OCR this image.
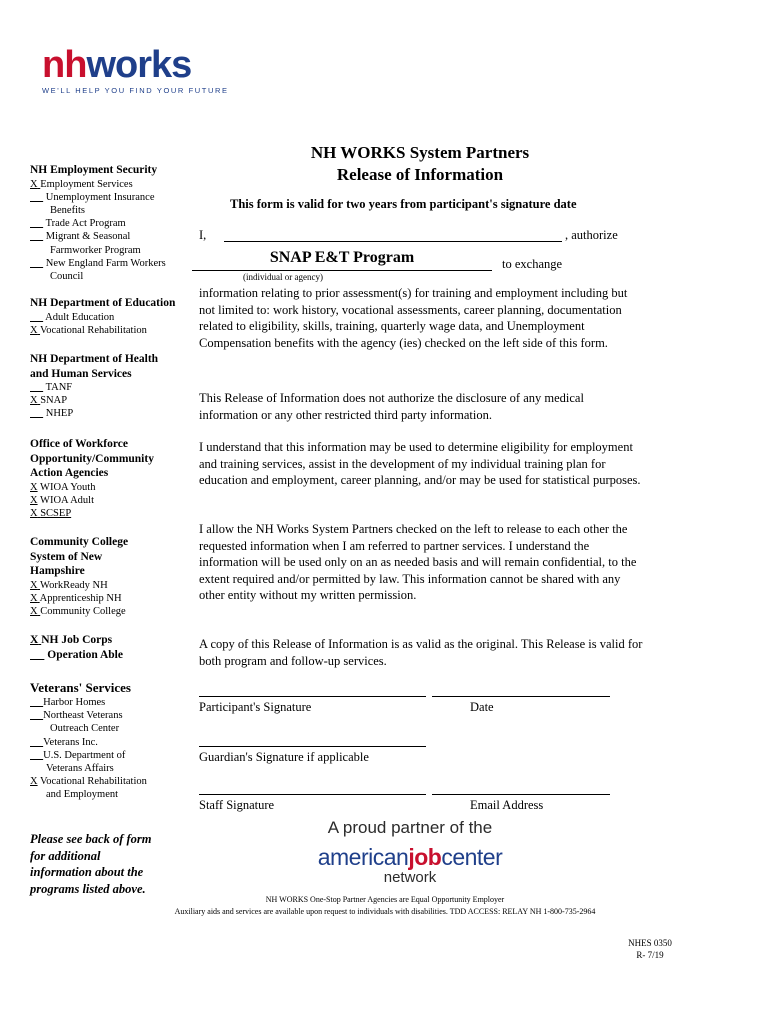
nhworks
WE'LL HELP YOU FIND YOUR FUTURE
NH WORKS System Partners
Release of Information
NH Employment Security
X Employment Services
Unemployment Insurance
Benefits
Trade Act Program
Migrant & Seasonal
Farmworker Program
New England Farm Workers
Council
NH Department of Education
Adult Education
X Vocational Rehabilitation
NH Department of Health
and Human Services
TANF
X SNAP
NHEP
Office of Workforce
Opportunity/Community
Action Agencies
X WIOA Youth
X WIOA Adult
X SCSEP
Community College
System of New
Hampshire
X WorkReady NH
X Apprenticeship NH
X Community College
X NH Job Corps
Operation Able
Veterans' Services
Harbor Homes
Northeast Veterans
Outreach Center
Veterans Inc.
U.S. Department of
Veterans Affairs
X Vocational Rehabilitation
and Employment
Please see back of form
for additional
information about the
programs listed above.
This form is valid for two years from participant's signature date
I,	, authorize
SNAP E&T Program	to exchange
(individual or agency)
information relating to prior assessment(s) for training and employment including but not limited to: work history, vocational assessments, career planning, documentation related to eligibility, skills, training, quarterly wage data, and Unemployment Compensation benefits with the agency (ies) checked on the left side of this form.
This Release of Information does not authorize the disclosure of any medical information or any other restricted third party information.
I understand that this information may be used to determine eligibility for employment and training services, assist in the development of my individual training plan for education and employment, career planning, and/or may be used for statistical purposes.
I allow the NH Works System Partners checked on the left to release to each other the requested information when I am referred to partner services. I understand the information will be used only on an as needed basis and will remain confidential, to the extent required and/or permitted by law. This information cannot be shared with any other entity without my written permission.
A copy of this Release of Information is as valid as the original. This Release is valid for both program and follow-up services.
Participant's Signature	Date
Guardian's Signature if applicable
Staff Signature	Email Address
A proud partner of the
americanjobcenter
network
NH WORKS One-Stop Partner Agencies are Equal Opportunity Employer
Auxiliary aids and services are available upon request to individuals with disabilities. TDD ACCESS: RELAY NH 1-800-735-2964
NHES 0350
R- 7/19
